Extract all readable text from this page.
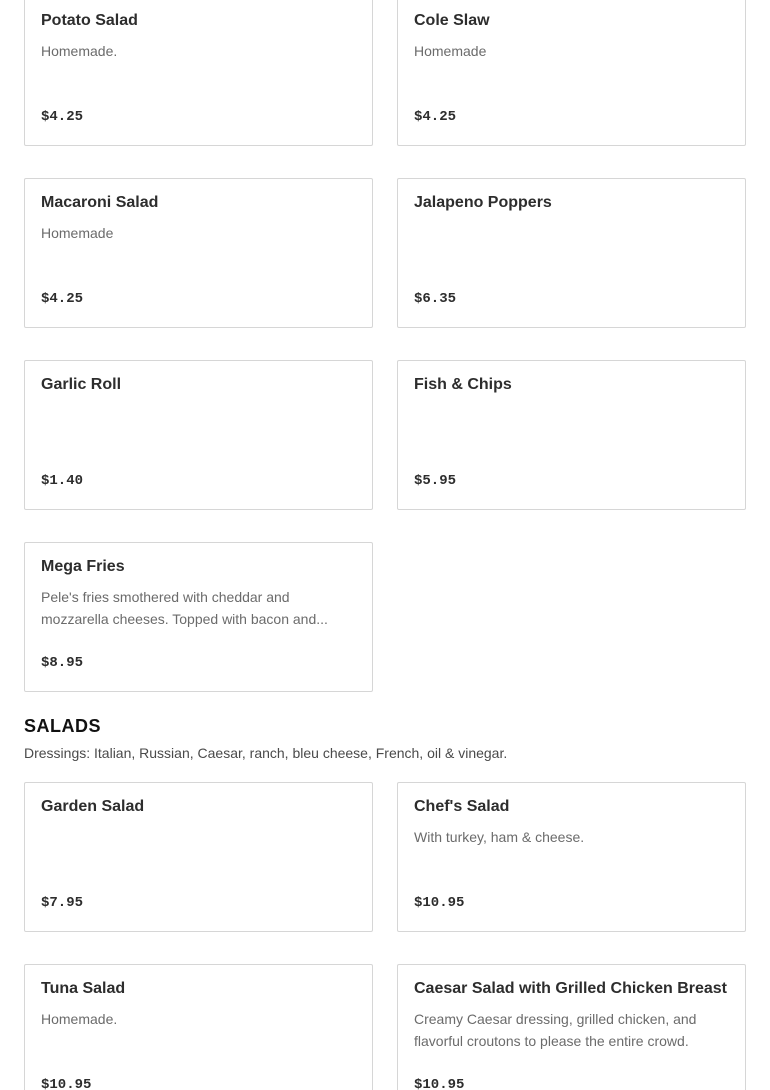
Potato Salad
Homemade.
$4.25
Cole Slaw
Homemade
$4.25
Macaroni Salad
Homemade
$4.25
Jalapeno Poppers
$6.35
Garlic Roll
$1.40
Fish & Chips
$5.95
Mega Fries
Pele's fries smothered with cheddar and mozzarella cheeses. Topped with bacon and...
$8.95
SALADS
Dressings: Italian, Russian, Caesar, ranch, bleu cheese, French, oil & vinegar.
Garden Salad
$7.95
Chef's Salad
With turkey, ham & cheese.
$10.95
Tuna Salad
Homemade.
$10.95
Caesar Salad with Grilled Chicken Breast
Creamy Caesar dressing, grilled chicken, and flavorful croutons to please the entire crowd.
$10.95
